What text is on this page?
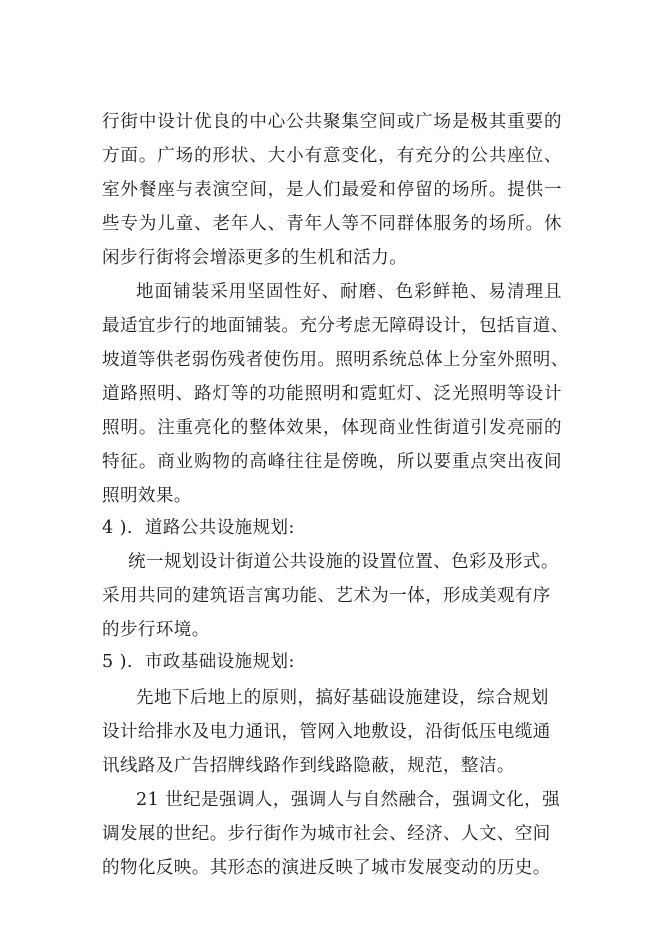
行街中设计优良的中心公共聚集空间或广场是极其重要的
方面。广场的形状、大小有意变化，有充分的公共座位、
室外餐座与表演空间，是人们最爱和停留的场所。提供一
些专为儿童、老年人、青年人等不同群体服务的场所。休
闲步行街将会增添更多的生机和活力。
地面铺装采用坚固性好、耐磨、色彩鲜艳、易清理且
最适宜步行的地面铺装。充分考虑无障碍设计，包括盲道、
坡道等供老弱伤残者使伤用。照明系统总体上分室外照明、
道路照明、路灯等的功能照明和霓虹灯、泛光照明等设计
照明。注重亮化的整体效果，体现商业性街道引发亮丽的
特征。商业购物的高峰往往是傍晚，所以要重点突出夜间
照明效果。
4 ).  道路公共设施规划:
统一规划设计街道公共设施的设置位置、色彩及形式。
采用共同的建筑语言寓功能、艺术为一体，形成美观有序
的步行环境。
5 ).  市政基础设施规划:
先地下后地上的原则，搞好基础设施建设，综合规划
设计给排水及电力通讯，管网入地敷设，沿街低压电缆通
讯线路及广告招牌线路作到线路隐蔽，规范，整洁。
21 世纪是强调人，强调人与自然融合，强调文化，强
调发展的世纪。步行街作为城市社会、经济、人文、空间
的物化反映。其形态的演进反映了城市发展变动的历史。
